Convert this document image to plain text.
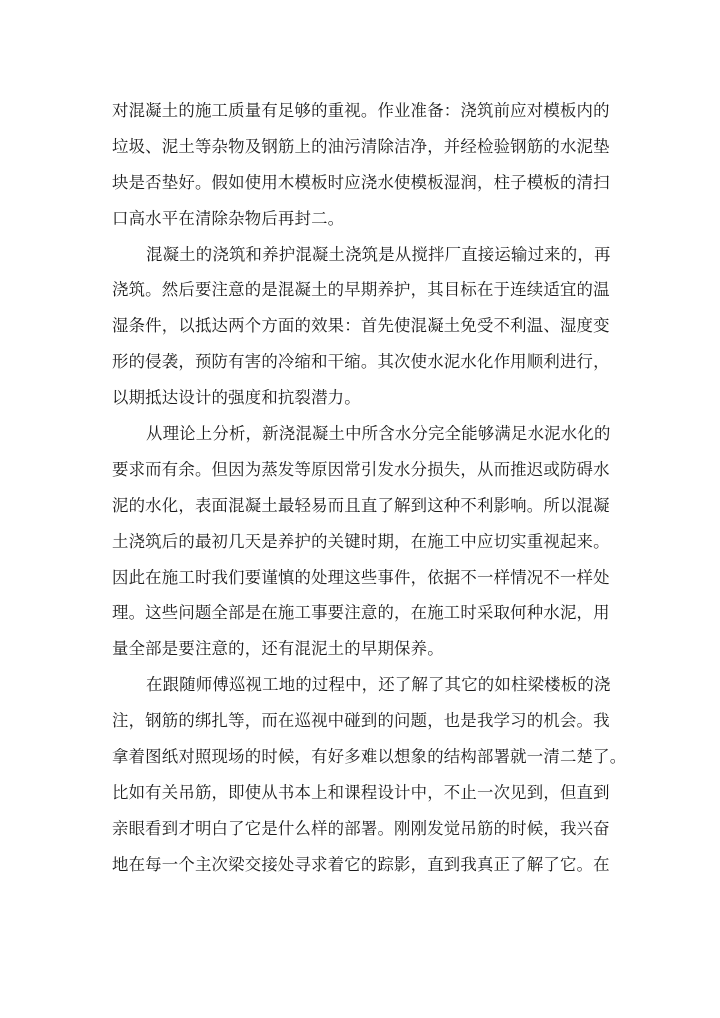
对混凝土的施工质量有足够的重视。作业准备：浇筑前应对模板内的
垃圾、泥土等杂物及钢筋上的油污清除洁净，并经检验钢筋的水泥垫
块是否垫好。假如使用木模板时应浇水使模板湿润，柱子模板的清扫
口高水平在清除杂物后再封二。
混凝土的浇筑和养护混凝土浇筑是从搅拌厂直接运输过来的，再
浇筑。然后要注意的是混凝土的早期养护，其目标在于连续适宜的温
湿条件，以抵达两个方面的效果：首先使混凝土免受不利温、湿度变
形的侵袭，预防有害的冷缩和干缩。其次使水泥水化作用顺利进行，
以期抵达设计的强度和抗裂潜力。
从理论上分析，新浇混凝土中所含水分完全能够满足水泥水化的
要求而有余。但因为蒸发等原因常引发水分损失，从而推迟或防碍水
泥的水化，表面混凝土最轻易而且直了解到这种不利影响。所以混凝
土浇筑后的最初几天是养护的关键时期，在施工中应切实重视起来。
因此在施工时我们要谨慎的处理这些事件，依据不一样情况不一样处
理。这些问题全部是在施工事要注意的，在施工时采取何种水泥，用
量全部是要注意的，还有混泥土的早期保养。
在跟随师傅巡视工地的过程中，还了解了其它的如柱梁楼板的浇
注，钢筋的绑扎等，而在巡视中碰到的问题，也是我学习的机会。我
拿着图纸对照现场的时候，有好多难以想象的结构部署就一清二楚了。
比如有关吊筋，即使从书本上和课程设计中，不止一次见到，但直到
亲眼看到才明白了它是什么样的部署。刚刚发觉吊筋的时候，我兴奋
地在每一个主次梁交接处寻求着它的踪影，直到我真正了解了它。在
